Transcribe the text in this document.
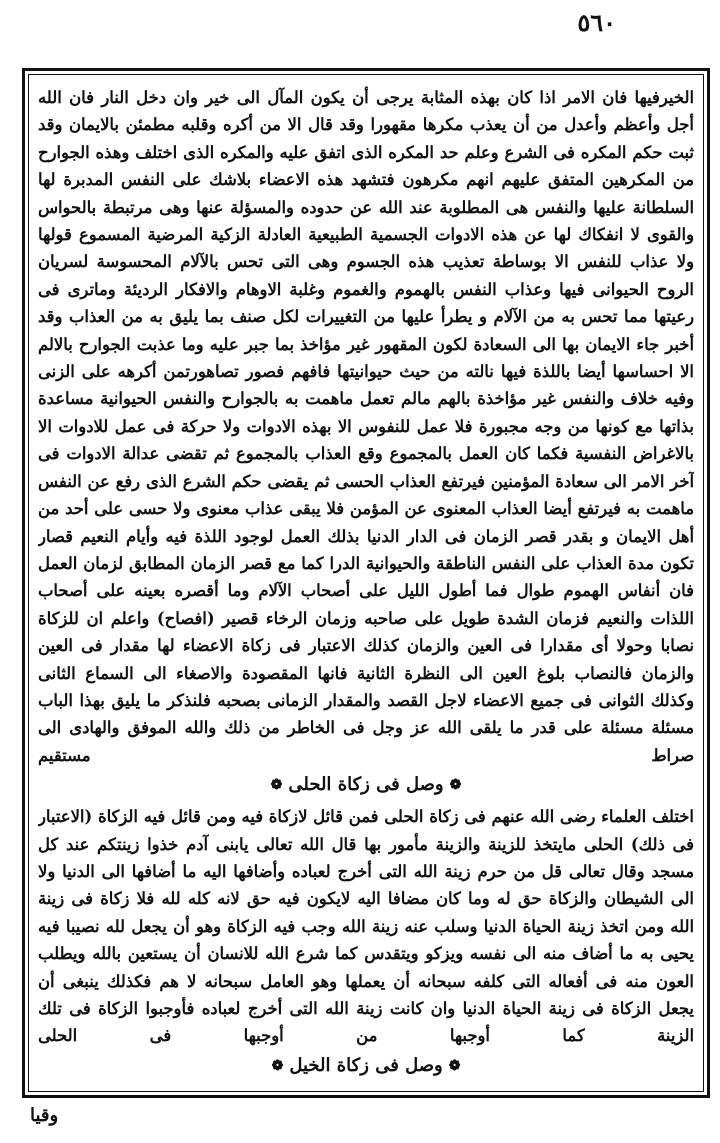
٥٦٠

الخيرفيها فان الامر اذا كان بهذه المثابة يرجى أن يكون المآل الى خير وان دخل النار فان الله أجل وأعظم وأعدل من أن يعذب مكرها مقهورا وقد قال الا من أكره وقلبه مطمئن بالايمان وقد ثبت حكم المكره فى الشرع وعلم حد المكره الذى اتفق عليه والمكره الذى اختلف وهذه الجوارح من المكرهين المتفق عليهم انهم مكرهون فتشهد هذه الاعضاء بلاشك على النفس المدبرة لها السلطانة عليها والنفس هى المطلوبة عند الله عن حدوده والمسؤلة عنها وهى مرتبطة بالحواس والقوى لا انفكاك لها عن هذه الادوات الجسمية الطبيعية العادلة الزكية المرضية المسموع قولها ولا عذاب للنفس الا بوساطة تعذيب هذه الجسوم وهى التى تحس بالآلام المحسوسة لسريان الروح الحيوانى فيها وعذاب النفس بالهموم والغموم وغلبة الاوهام والافكار الرديئة وماترى فى رعيتها مما تحس به من الآلام و يطرأ عليها من التغييرات لكل صنف بما يليق به من العذاب وقد أخبر جاء الايمان بها الى السعادة لكون المقهور غير مؤاخذ بما جبر عليه وما عذبت الجوارح بالالم الا احساسها أيضا باللذة فيها نالته من حيث حيوانيتها فافهم فصور تصاهورتمن أكرهه على الزنى وفيه خلاف والنفس غير مؤاخذة بالهم مالم تعمل ماهمت به بالجوارح والنفس الحيوانية مساعدة بذاتها مع كونها من وجه مجبورة فلا عمل للنفوس الا بهذه الادوات ولا حركة فى عمل للادوات الا بالاغراض النفسية فكما كان العمل بالمجموع وقع العذاب بالمجموع ثم تقضى عدالة الادوات فى آخر الامر الى سعادة المؤمنين فيرتفع العذاب الحسى ثم يقضى حكم الشرع الذى رفع عن النفس ماهمت به فيرتفع أيضا العذاب المعنوى عن المؤمن فلا يبقى عذاب معنوى ولا حسى على أحد من أهل الايمان و بقدر قصر الزمان فى الدار الدنيا بذلك العمل لوجود اللذة فيه وأيام النعيم قصار تكون مدة العذاب على النفس الناطقة والحيوانية الدرا كما مع قصر الزمان المطابق لزمان العمل فان أنفاس الهموم طوال فما أطول الليل على أصحاب الآلام وما أقصره بعينه على أصحاب اللذات والنعيم فزمان الشدة طويل على صاحبه وزمان الرخاء قصير (افصاح) واعلم ان للزكاة نصابا وحولا أى مقدارا فى العين والزمان كذلك الاعتبار فى زكاة الاعضاء لها مقدار فى العين والزمان فالنصاب بلوغ العين الى النظرة الثانية فانها المقصودة والاصغاء الى السماع الثانى وكذلك الثوانى فى جميع الاعضاء لاجل القصد والمقدار الزمانى بصحبه فلنذكر ما يليق بهذا الباب مسئلة مسئلة على قدر ما يلقى الله عز وجل فى الخاطر من ذلك والله الموفق والهادى الى صراط مستقيم

❁وصل فى زكاة الحلى❁

اختلف العلماء رضى الله عنهم فى زكاة الحلى فمن قائل لازكاة فيه ومن قائل فيه الزكاة (الاعتبار فى ذلك) الحلى مايتخذ للزينة والزينة مأمور بها قال الله تعالى يابنى آدم خذوا زينتكم عند كل مسجد وقال تعالى قل من حرم زينة الله التى أخرج لعباده وأضافها اليه ما أضافها الى الدنيا ولا الى الشيطان والزكاة حق له وما كان مضافا اليه لايكون فيه حق لانه كله لله فلا زكاة فى زينة الله ومن اتخذ زينة الحياة الدنيا وسلب عنه زينة الله وجب فيه الزكاة وهو أن يجعل لله نصيبا فيه يحيى به ما أضاف منه الى نفسه ويزكو ويتقدس كما شرع الله للانسان أن يستعين بالله ويطلب العون منه فى أفعاله التى كلفه سبحانه أن يعملها وهو العامل سبحانه لا هم فكذلك ينبغى أن يجعل الزكاة فى زينة الحياة الدنيا وان كانت زينة الله التى أخرج لعباده فأوجبوا الزكاة فى تلك الزينة كما أوجبها من أوجبها فى الحلى

❁وصل فى زكاة الخيل❁

وقيا
